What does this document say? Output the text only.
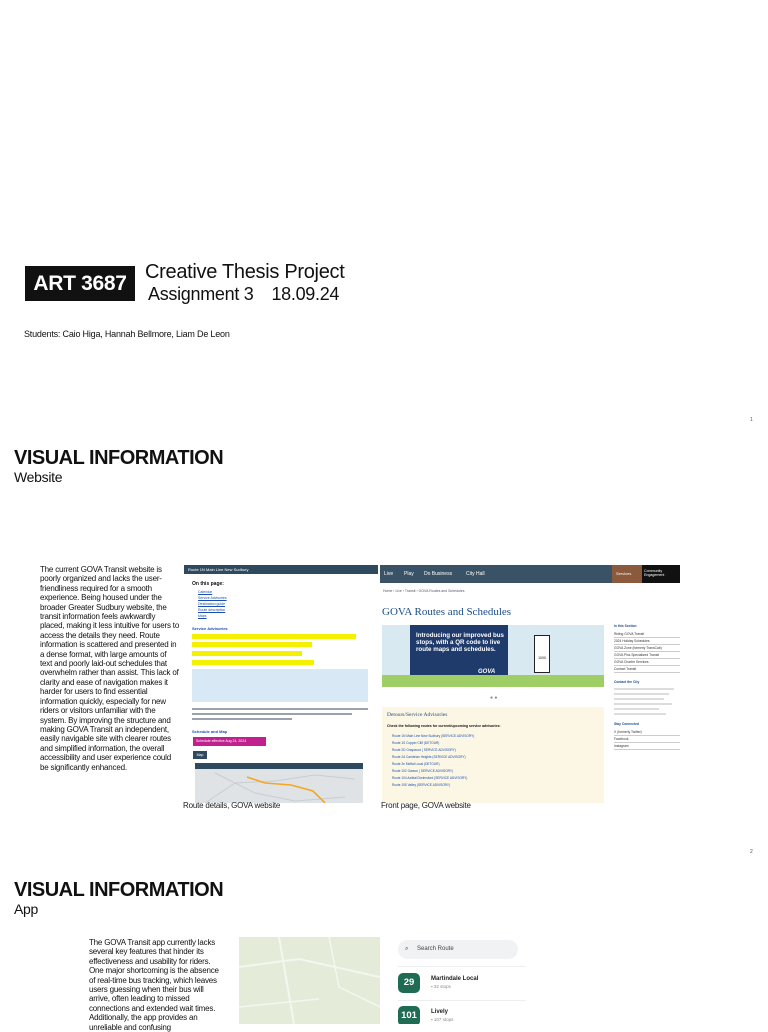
ART 3687 Creative Thesis Project
Assignment 3 18.09.24
Students: Caio Higa, Hannah Bellmore, Liam De Leon
1
VISUAL INFORMATION
Website
The current GOVA Transit website is poorly organized and lacks the user-friendliness required for a smooth experience. Being housed under the broader Greater Sudbury website, the transit information feels awkwardly placed, making it less intuitive for users to access the details they need. Route information is scattered and presented in a dense format, with large amounts of text and poorly laid-out schedules that overwhelm rather than assist. This lack of clarity and ease of navigation makes it harder for users to find essential information quickly, especially for new riders or visitors unfamiliar with the system. By improving the structure and making GOVA Transit an independent, easily navigable site with clearer routes and simplified information, the overall accessibility and user experience could be significantly enhanced.
Route 1N Main Line New Sudbury
On this page:
Calendar
Service Advisories
Destination guide
Route description
Maps
Service Advisories
Schedule and Map
Schedule effective Aug 24, 2024
Map
Live Play Do Business	City Hall	Services	Community Engagement
Home › Live › Transit › GOVA Routes and Schedules
GOVA Routes and Schedules
Introducing our improved bus stops, with a QR code to live route maps and schedules.
GOVA
1000
● ●
In this Section
Riding GOVA Transit
2024 Holiday Schedules
GOVA Zone (formerly TransCab)
GOVA Plus Specialized Transit
GOVA Charter Services
Contact Transit
Contact the City
Stay Connected
X (formerly Twitter)
Facebook
Instagram
Detours/Service Advisories
Check the following routes for current/upcoming service advisories:
Route 1N Main Line New Sudbury (SERVICE ADVISORY)
Route 1S Copper Cliff (DETOUR)
Route 2D Graywood ( SERVICE ADVISORY)
Route 2A Cambrian Heights (SERVICE ADVISORY)
Route 2e Moffat Local (DETOUR)
Route 102 Garson ( SERVICE ADVISORY)
Route 104 Azilda/Chelmsford (SERVICE ADVISORY)
Route 105 Valley (SERVICE ADVISORY)
Route details, GOVA website	Front page, GOVA website
2
VISUAL INFORMATION
App
The GOVA Transit app currently lacks several key features that hinder its effectiveness and usability for riders. One major shortcoming is the absence of real-time bus tracking, which leaves users guessing when their bus will arrive, often leading to missed connections and extended wait times. Additionally, the app provides an unreliable and confusing
⌕ Search Route
29	Martindale Local
▪ 32 stops
101	Lively
▪ 107 stops
